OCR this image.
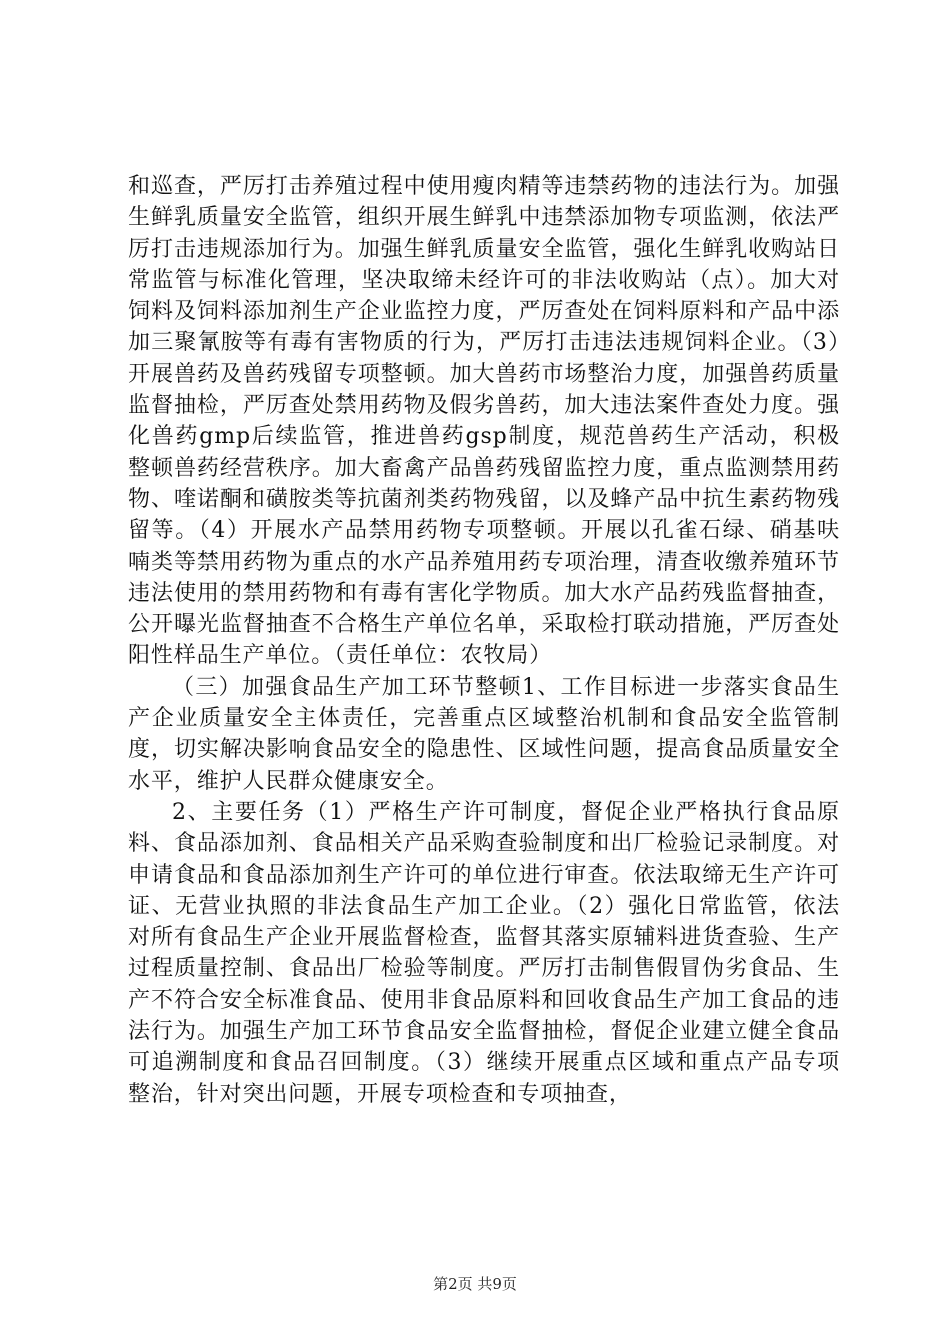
和巡查，严厉打击养殖过程中使用瘦肉精等违禁药物的违法行为。加强生鲜乳质量安全监管，组织开展生鲜乳中违禁添加物专项监测，依法严厉打击违规添加行为。加强生鲜乳质量安全监管，强化生鲜乳收购站日常监管与标准化管理，坚决取缔未经许可的非法收购站（点）。加大对饲料及饲料添加剂生产企业监控力度，严厉查处在饲料原料和产品中添加三聚氰胺等有毒有害物质的行为，严厉打击违法违规饲料企业。（3）开展兽药及兽药残留专项整顿。加大兽药市场整治力度，加强兽药质量监督抽检，严厉查处禁用药物及假劣兽药，加大违法案件查处力度。强化兽药gmp后续监管，推进兽药gsp制度，规范兽药生产活动，积极整顿兽药经营秩序。加大畜禽产品兽药残留监控力度，重点监测禁用药物、喹诺酮和磺胺类等抗菌剂类药物残留，以及蜂产品中抗生素药物残留等。（4）开展水产品禁用药物专项整顿。开展以孔雀石绿、硝基呋喃类等禁用药物为重点的水产品养殖用药专项治理，清查收缴养殖环节违法使用的禁用药物和有毒有害化学物质。加大水产品药残监督抽查，公开曝光监督抽查不合格生产单位名单，采取检打联动措施，严厉查处阳性样品生产单位。（责任单位：农牧局）

（三）加强食品生产加工环节整顿1、工作目标进一步落实食品生产企业质量安全主体责任，完善重点区域整治机制和食品安全监管制度，切实解决影响食品安全的隐患性、区域性问题，提高食品质量安全水平，维护人民群众健康安全。

2、主要任务（1）严格生产许可制度，督促企业严格执行食品原料、食品添加剂、食品相关产品采购查验制度和出厂检验记录制度。对申请食品和食品添加剂生产许可的单位进行审查。依法取缔无生产许可证、无营业执照的非法食品生产加工企业。（2）强化日常监管，依法对所有食品生产企业开展监督检查，监督其落实原辅料进货查验、生产过程质量控制、食品出厂检验等制度。严厉打击制售假冒伪劣食品、生产不符合安全标准食品、使用非食品原料和回收食品生产加工食品的违法行为。加强生产加工环节食品安全监督抽检，督促企业建立健全食品可追溯制度和食品召回制度。（3）继续开展重点区域和重点产品专项整治，针对突出问题，开展专项检查和专项抽查，

第2页 共9页
